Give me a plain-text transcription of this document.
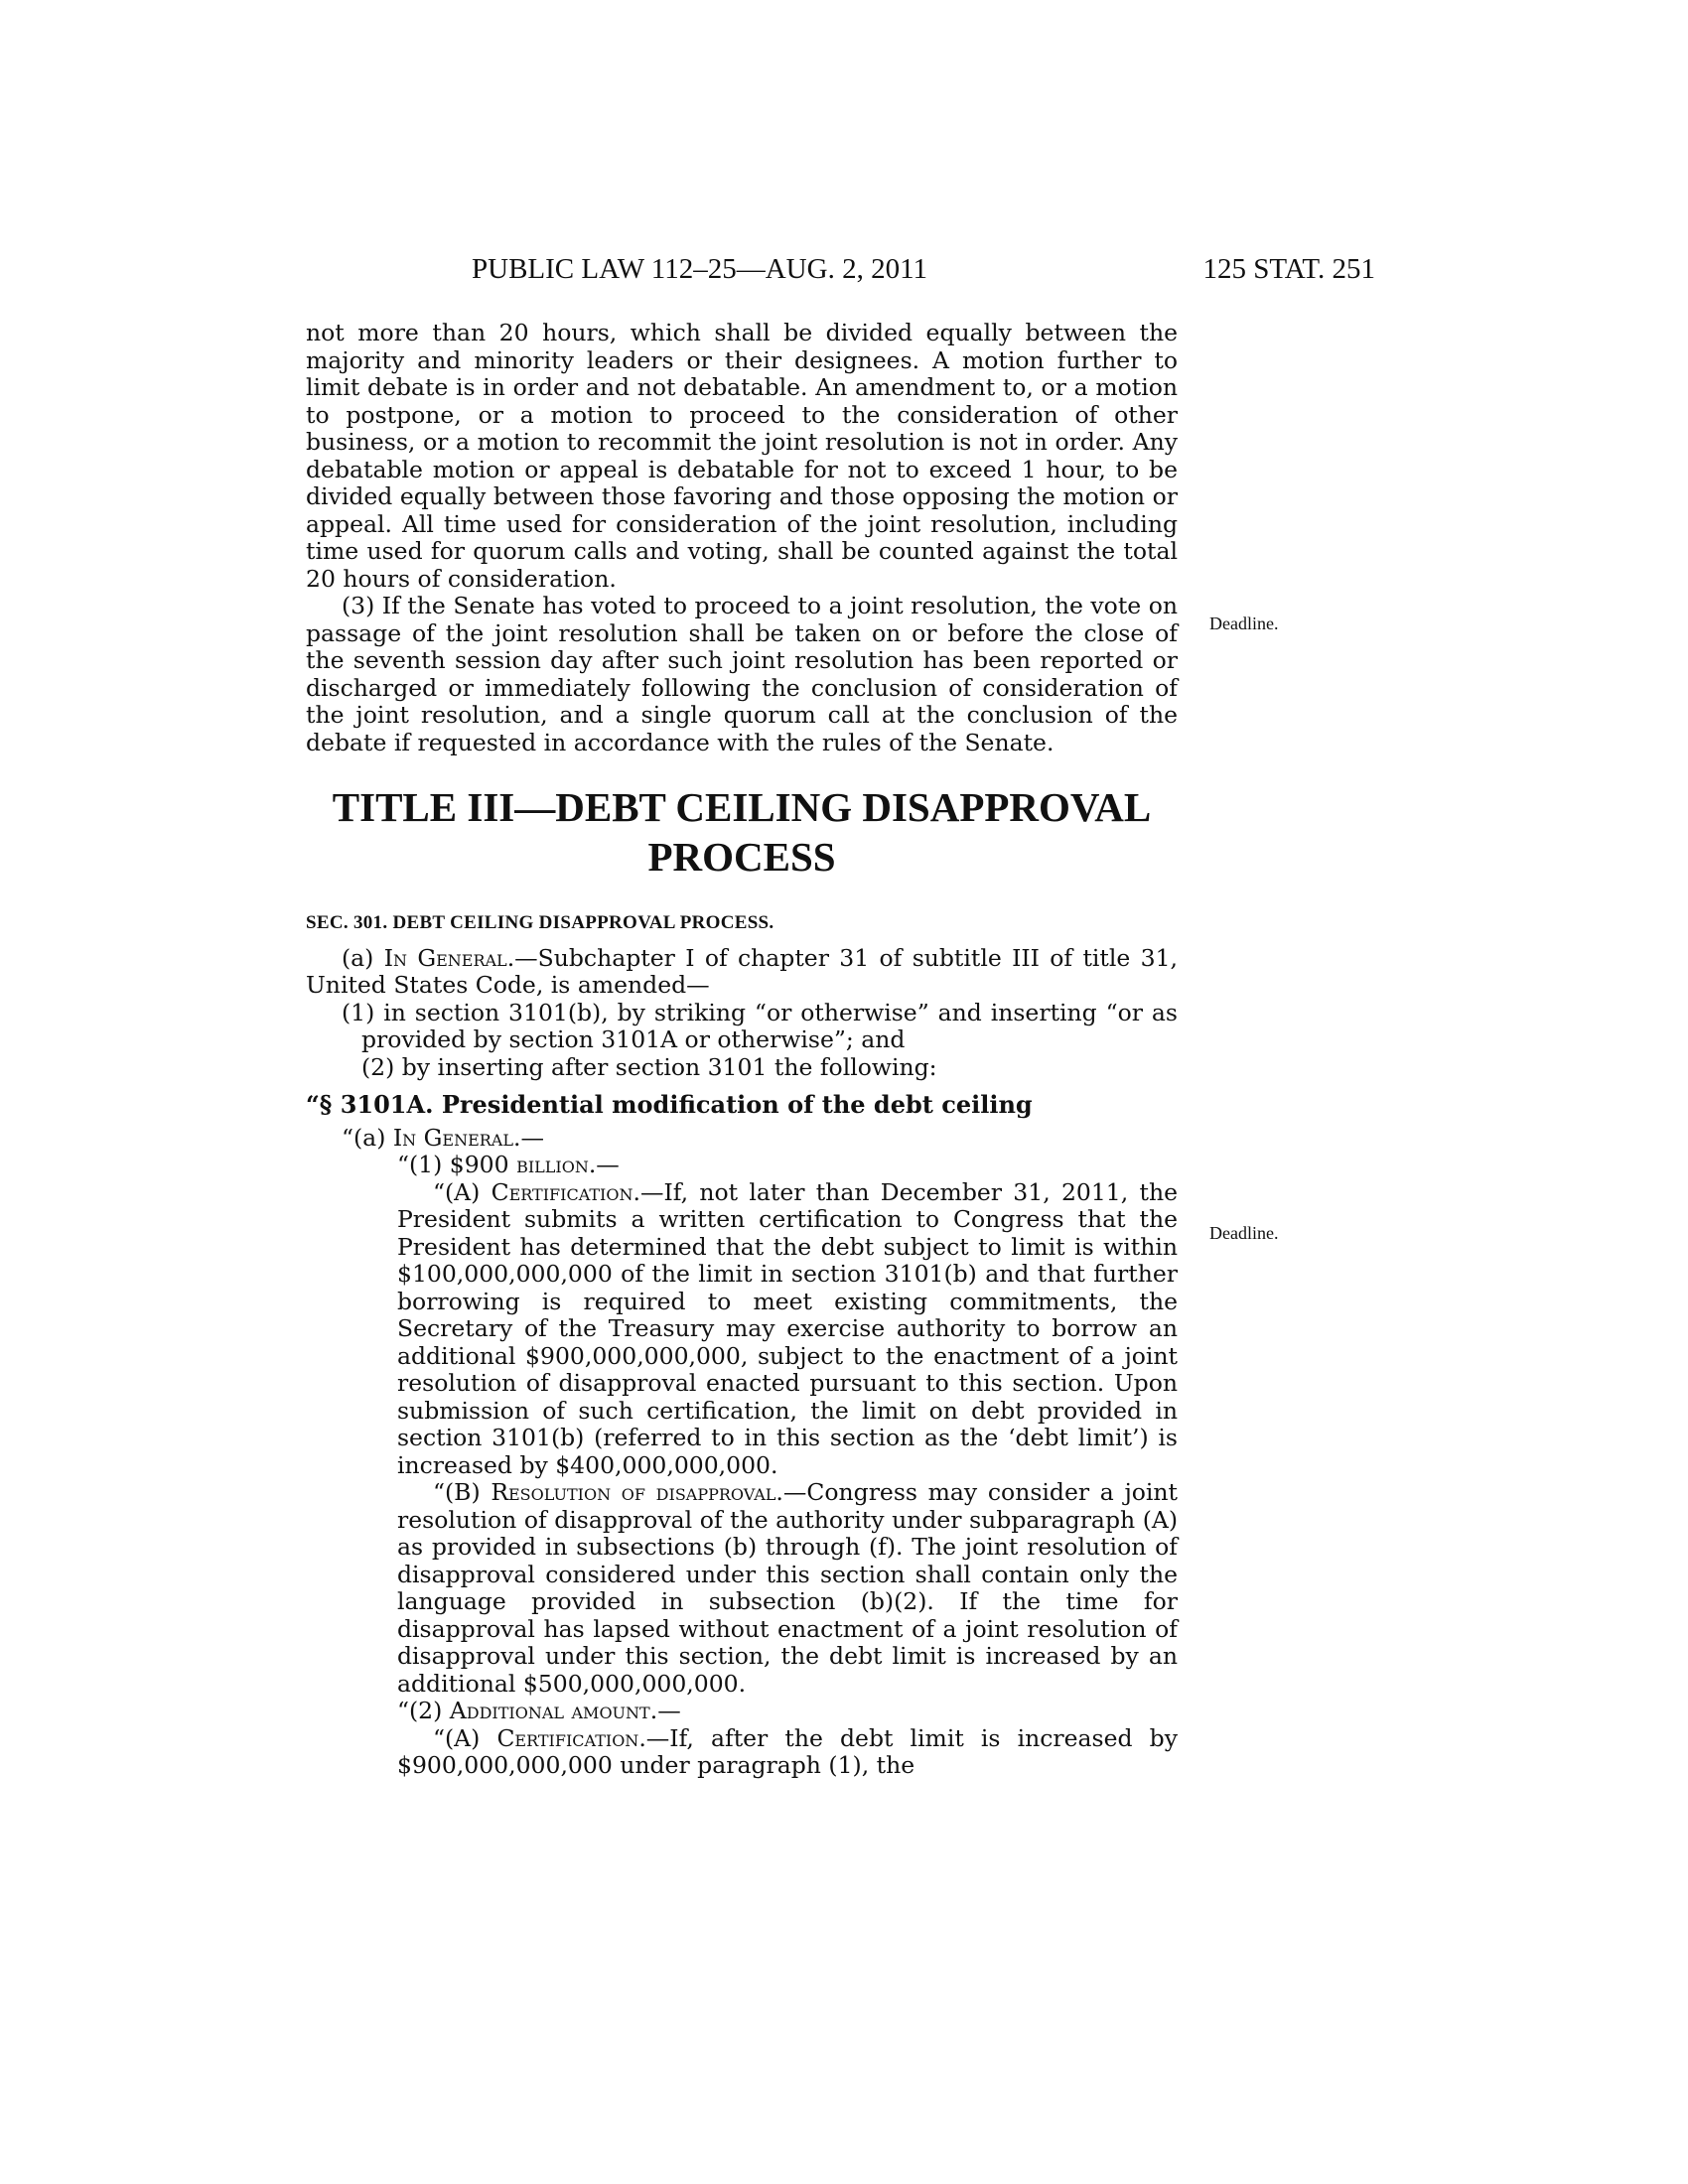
PUBLIC LAW 112–25—AUG. 2, 2011	125 STAT. 251
Deadline.
Deadline.

not more than 20 hours, which shall be divided equally between the majority and minority leaders or their designees. A motion further to limit debate is in order and not debatable. An amendment to, or a motion to postpone, or a motion to proceed to the consideration of other business, or a motion to recommit the joint resolution is not in order. Any debatable motion or appeal is debatable for not to exceed 1 hour, to be divided equally between those favoring and those opposing the motion or appeal. All time used for consideration of the joint resolution, including time used for quorum calls and voting, shall be counted against the total 20 hours of consideration.

(3) If the Senate has voted to proceed to a joint resolution, the vote on passage of the joint resolution shall be taken on or before the close of the seventh session day after such joint resolution has been reported or discharged or immediately following the conclusion of consideration of the joint resolution, and a single quorum call at the conclusion of the debate if requested in accordance with the rules of the Senate.

TITLE III—DEBT CEILING DISAPPROVAL
PROCESS
SEC. 301. DEBT CEILING DISAPPROVAL PROCESS.

(a) In General.—Subchapter I of chapter 31 of subtitle III of title 31, United States Code, is amended—

(1) in section 3101(b), by striking “or otherwise” and inserting “or as provided by section 3101A or otherwise”; and

(2) by inserting after section 3101 the following:

“§ 3101A. Presidential modification of the debt ceiling

“(a) In General.—

“(1) $900 billion.—

“(A) Certification.—If, not later than December 31, 2011, the President submits a written certification to Congress that the President has determined that the debt subject to limit is within $100,000,000,000 of the limit in section 3101(b) and that further borrowing is required to meet existing commitments, the Secretary of the Treasury may exercise authority to borrow an additional $900,000,000,000, subject to the enactment of a joint resolution of disapproval enacted pursuant to this section. Upon submission of such certification, the limit on debt provided in section 3101(b) (referred to in this section as the ‘debt limit’) is increased by $400,000,000,000.

“(B) Resolution of disapproval.—Congress may consider a joint resolution of disapproval of the authority under subparagraph (A) as provided in subsections (b) through (f). The joint resolution of disapproval considered under this section shall contain only the language provided in subsection (b)(2). If the time for disapproval has lapsed without enactment of a joint resolution of disapproval under this section, the debt limit is increased by an additional $500,000,000,000.

“(2) Additional amount.—

“(A) Certification.—If, after the debt limit is increased by $900,000,000,000 under paragraph (1), the
